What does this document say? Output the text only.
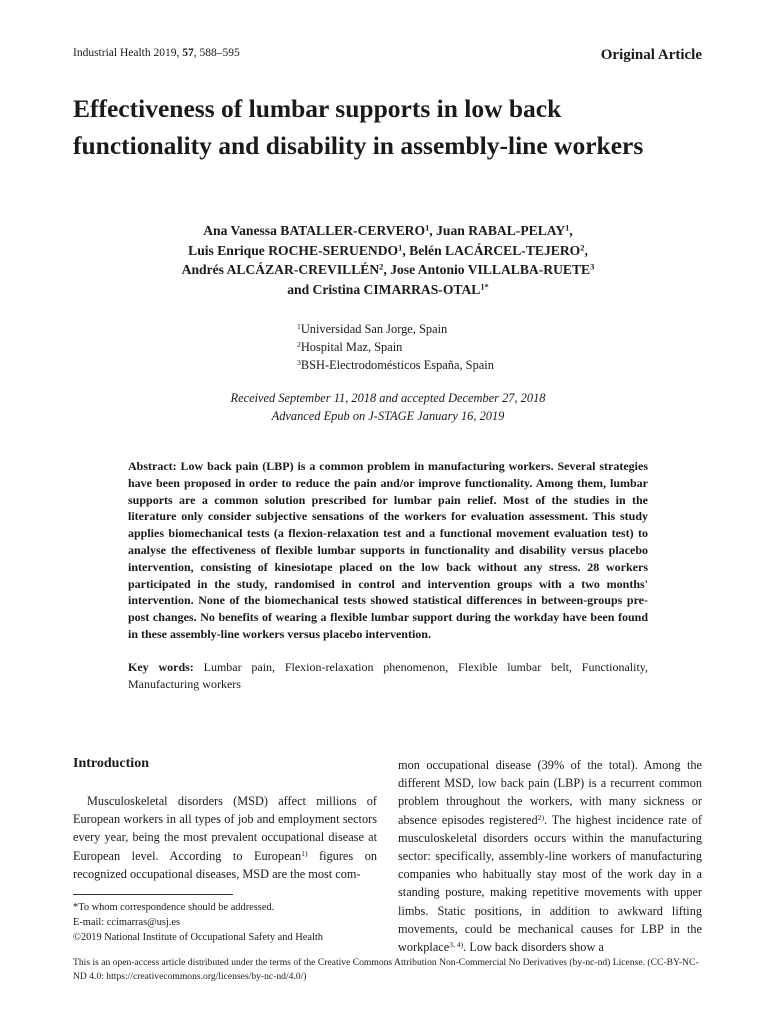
Industrial Health 2019, 57, 588–595	Original Article
Effectiveness of lumbar supports in low back functionality and disability in assembly-line workers
Ana Vanessa BATALLER-CERVERO$^1$, Juan RABAL-PELAY$^1$,
Luis Enrique ROCHE-SERUENDO$^1$, Belén LACÁRCEL-TEJERO$^2$,
Andrés ALCÁZAR-CREVILLÉN$^2$, Jose Antonio VILLALBA-RUETE$^3$
and Cristina CIMARRAS-$OTAL^{1*}$
$^1$Universidad San Jorge, Spain
$^2$Hospital Maz, Spain
$^3$BSH-Electrodomésticos España, Spain
Received September 11, 2018 and accepted December 27, 2018
Advanced Epub on J-STAGE January 16, 2019

Abstract: Low back pain (LBP) is a common problem in manufacturing workers. Several strategies have been proposed in order to reduce the pain and/or improve functionality. Among them, lumbar supports are a common solution prescribed for lumbar pain relief. Most of the studies in the literature only consider subjective sensations of the workers for evaluation assessment. This study applies biomechanical tests (a flexion-relaxation test and a functional movement evaluation test) to analyse the effectiveness of flexible lumbar supports in functionality and disability versus placebo intervention, consisting of kinesiotape placed on the low back without any stress. 28 workers participated in the study, randomised in control and intervention groups with a two months' intervention. None of the biomechanical tests showed statistical differences in between-groups pre-post changes. No benefits of wearing a flexible lumbar support during the workday have been found in these assembly-line workers versus placebo intervention.

Key words: Lumbar pain, Flexion-relaxation phenomenon, Flexible lumbar belt, Functionality, Manufacturing workers

Introduction

Musculoskeletal disorders (MSD) affect millions of European workers in all types of job and employment sectors every year, being the most prevalent occupational disease at European level. According to European$^{1)}$ figures on recognized occupational diseases, MSD are the most com-

mon occupational disease (39% of the total). Among the different MSD, low back pain (LBP) is a recurrent common problem throughout the workers, with many sickness or absence episodes registered$^{2)}$. The highest incidence rate of musculoskeletal disorders occurs within the manufacturing sector: specifically, assembly-line workers of manufacturing companies who habitually stay most of the work day in a standing posture, making repetitive movements with upper limbs. Static positions, in addition to awkward lifting movements, could be mechanical causes for LBP in the workplace$^{3, 4)}$. Low back disorders show a

*To whom correspondence should be addressed.
E-mail: ccimarras@usj.es
©2019 National Institute of Occupational Safety and Health

This is an open-access article distributed under the terms of the Creative Commons Attribution Non-Commercial No Derivatives (by-nc-nd) License. (CC-BY-NC-ND 4.0: https://creativecommons.org/licenses/by-nc-nd/4.0/)
